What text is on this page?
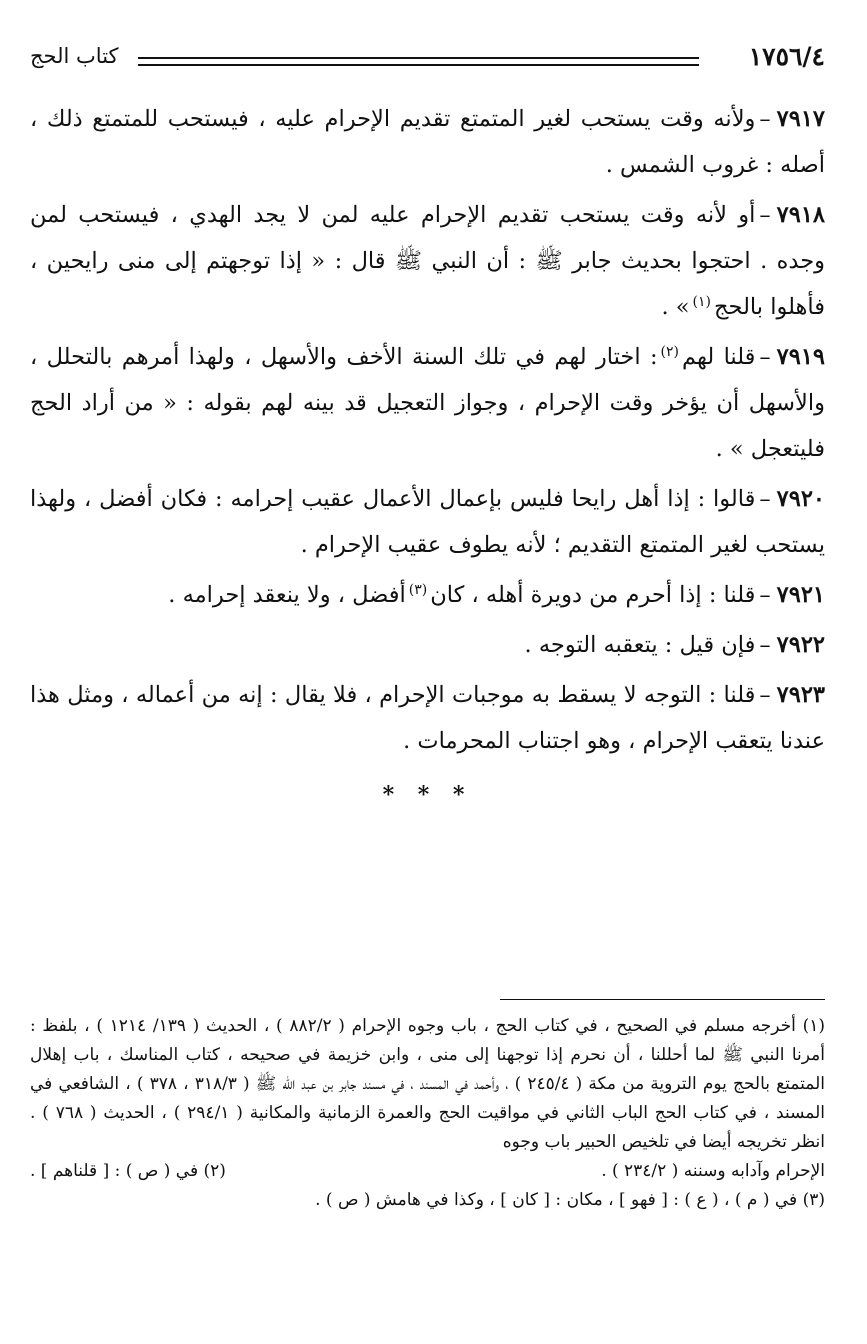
١٧٥٦/٤
كتاب الحج

٧٩١٧–ولأنه وقت يستحب لغير المتمتع تقديم الإحرام عليه ، فيستحب للمتمتع ذلك ، أصله : غروب الشمس .

٧٩١٨–أو لأنه وقت يستحب تقديم الإحرام عليه لمن لا يجد الهدي ، فيستحب لمن وجده . احتجوا بحديث جابر ﷺ : أن النبي ﷺ قال : « إذا توجهتم إلى منى رايحين ، فأهلوا بالحج$^{(١)}$» .

٧٩١٩–قلنا لهم$^{(٢)}$: اختار لهم في تلك السنة الأخف والأسهل ، ولهذا أمرهم بالتحلل ، والأسهل أن يؤخر وقت الإحرام ، وجواز التعجيل قد بينه لهم بقوله : « من أراد الحج فليتعجل » .

٧٩٢٠–قالوا : إذا أهل رايحا فليس بإعمال الأعمال عقيب إحرامه : فكان أفضل ، ولهذا يستحب لغير المتمتع التقديم ؛ لأنه يطوف عقيب الإحرام .

٧٩٢١–قلنا : إذا أحرم من دويرة أهله ، كان$^{(٣)}$أفضل ، ولا ينعقد إحرامه .

٧٩٢٢–فإن قيل : يتعقبه التوجه .

٧٩٢٣–قلنا : التوجه لا يسقط به موجبات الإحرام ، فلا يقال : إنه من أعماله ، ومثل هذا عندنا يتعقب الإحرام ، وهو اجتناب المحرمات .

* * *

(١) أخرجه مسلم في الصحيح ، في كتاب الحج ، باب وجوه الإحرام ( ٨٨٢/٢ ) ، الحديث ( ١٣٩/ ١٢١٤ ) ، بلفظ : أمرنا النبي ﷺ لما أحللنا ، أن نحرم إذا توجهنا إلى منى ، وابن خزيمة في صحيحه ، كتاب المناسك ، باب إهلال المتمتع بالحج يوم التروية من مكة ( ٢٤٥/٤ ) ، وأحمد في المسند ، في مسند جابر بن عبد الله ﷺ ( ٣١٨/٣ ، ٣٧٨ ) ، الشافعي في المسند ، في كتاب الحج الباب الثاني في مواقيت الحج والعمرة الزمانية والمكانية ( ٢٩٤/١ ) ، الحديث ( ٧٦٨ ) . انظر تخريجه أيضا في تلخيص الحبير باب وجوه

الإحرام وآدابه وسننه ( ٢٣٤/٢ ) .
(٢) في ( ص ) : [ قلناهم ] .

(٣) في ( م ) ، ( ع ) : [ فهو ] ، مكان : [ كان ] ، وكذا في هامش ( ص ) .
